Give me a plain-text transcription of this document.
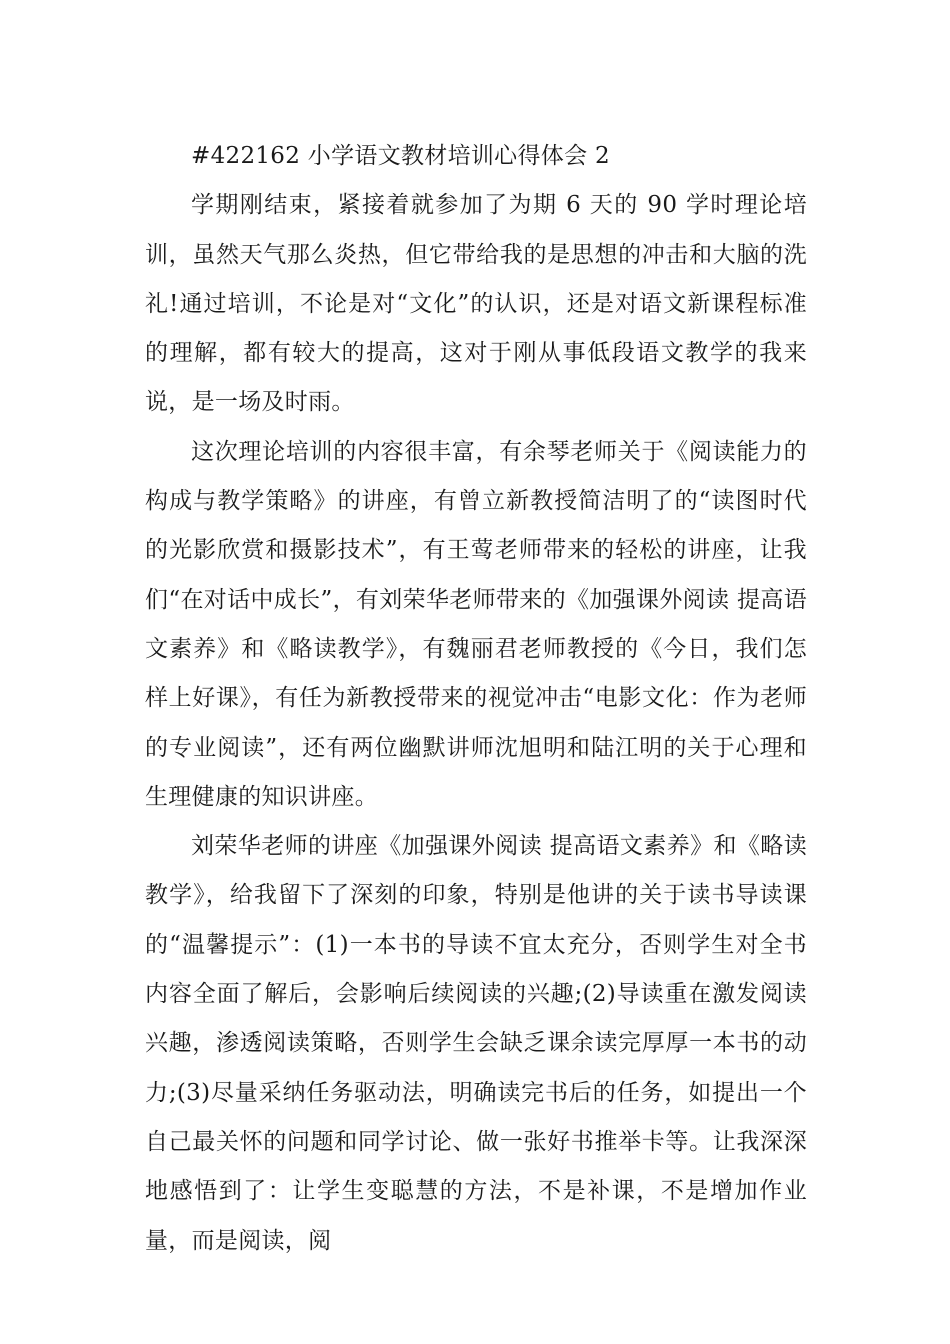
#422162 小学语文教材培训心得体会 2

学期刚结束，紧接着就参加了为期 6 天的 90 学时理论培训，虽然天气那么炎热，但它带给我的是思想的冲击和大脑的洗礼!通过培训，不论是对“文化”的认识，还是对语文新课程标准的理解，都有较大的提高，这对于刚从事低段语文教学的我来说，是一场及时雨。

这次理论培训的内容很丰富，有余琴老师关于《阅读能力的构成与教学策略》的讲座，有曾立新教授简洁明了的“读图时代的光影欣赏和摄影技术”，有王莺老师带来的轻松的讲座，让我们“在对话中成长”，有刘荣华老师带来的《加强课外阅读 提高语文素养》和《略读教学》，有魏丽君老师教授的《今日，我们怎样上好课》，有任为新教授带来的视觉冲击“电影文化：作为老师的专业阅读”，还有两位幽默讲师沈旭明和陆江明的关于心理和生理健康的知识讲座。

刘荣华老师的讲座《加强课外阅读 提高语文素养》和《略读教学》，给我留下了深刻的印象，特别是他讲的关于读书导读课的“温馨提示”：(1)一本书的导读不宜太充分，否则学生对全书内容全面了解后，会影响后续阅读的兴趣;(2)导读重在激发阅读兴趣，渗透阅读策略，否则学生会缺乏课余读完厚厚一本书的动力;(3)尽量采纳任务驱动法，明确读完书后的任务，如提出一个自己最关怀的问题和同学讨论、做一张好书推举卡等。让我深深地感悟到了：让学生变聪慧的方法，不是补课，不是增加作业量，而是阅读，阅
